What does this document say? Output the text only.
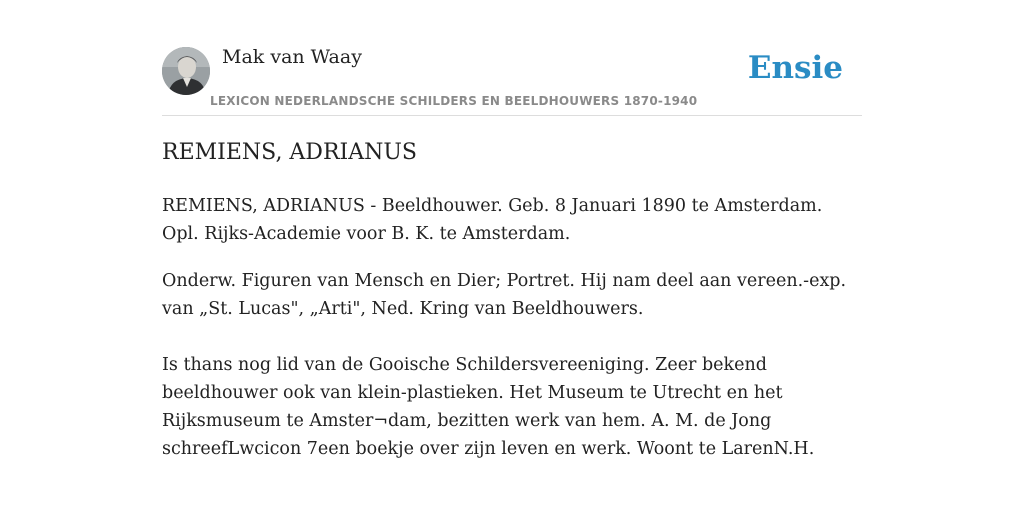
Mak van Waay
LEXICON NEDERLANDSCHE SCHILDERS EN BEELDHOUWERS 1870-1940
Ensie
REMIENS, ADRIANUS

REMIENS, ADRIANUS - Beeldhouwer. Geb. 8 Januari 1890 te Amsterdam. Opl. Rijks-Academie voor B. K. te Amsterdam.

Onderw. Figuren van Mensch en Dier; Portret. Hij nam deel aan vereen.-exp. van „St. Lucas", „Arti", Ned. Kring van Beeldhouwers.

Is thans nog lid van de Gooische Schildersvereeniging. Zeer bekend beeldhouwer ook van klein-plastieken. Het Museum te Utrecht en het Rijksmuseum te Amster¬dam, bezitten werk van hem. A. M. de Jong schreefLwcicon 7een boekje over zijn leven en werk. Woont te LarenN.H.
